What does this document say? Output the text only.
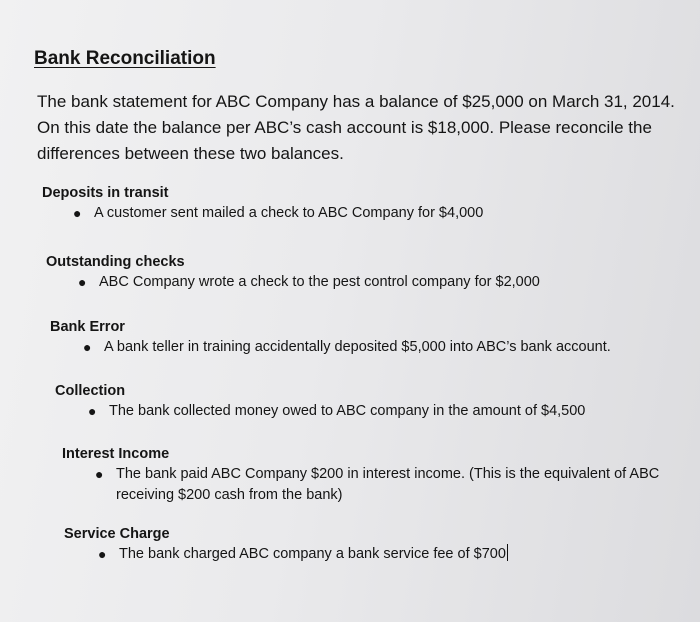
Bank Reconciliation
The bank statement for ABC Company has a balance of $25,000 on March 31, 2014. On this date the balance per ABC’s cash account is $18,000. Please reconcile the differences between these two balances.
Deposits in transit
● A customer sent mailed a check to ABC Company for $4,000
Outstanding checks
● ABC Company wrote a check to the pest control company for $2,000
Bank Error
● A bank teller in training accidentally deposited $5,000 into ABC’s bank account.
Collection
● The bank collected money owed to ABC company in the amount of $4,500
Interest Income
● The bank paid ABC Company $200 in interest income. (This is the equivalent of ABC receiving $200 cash from the bank)
Service Charge
● The bank charged ABC company a bank service fee of $700
